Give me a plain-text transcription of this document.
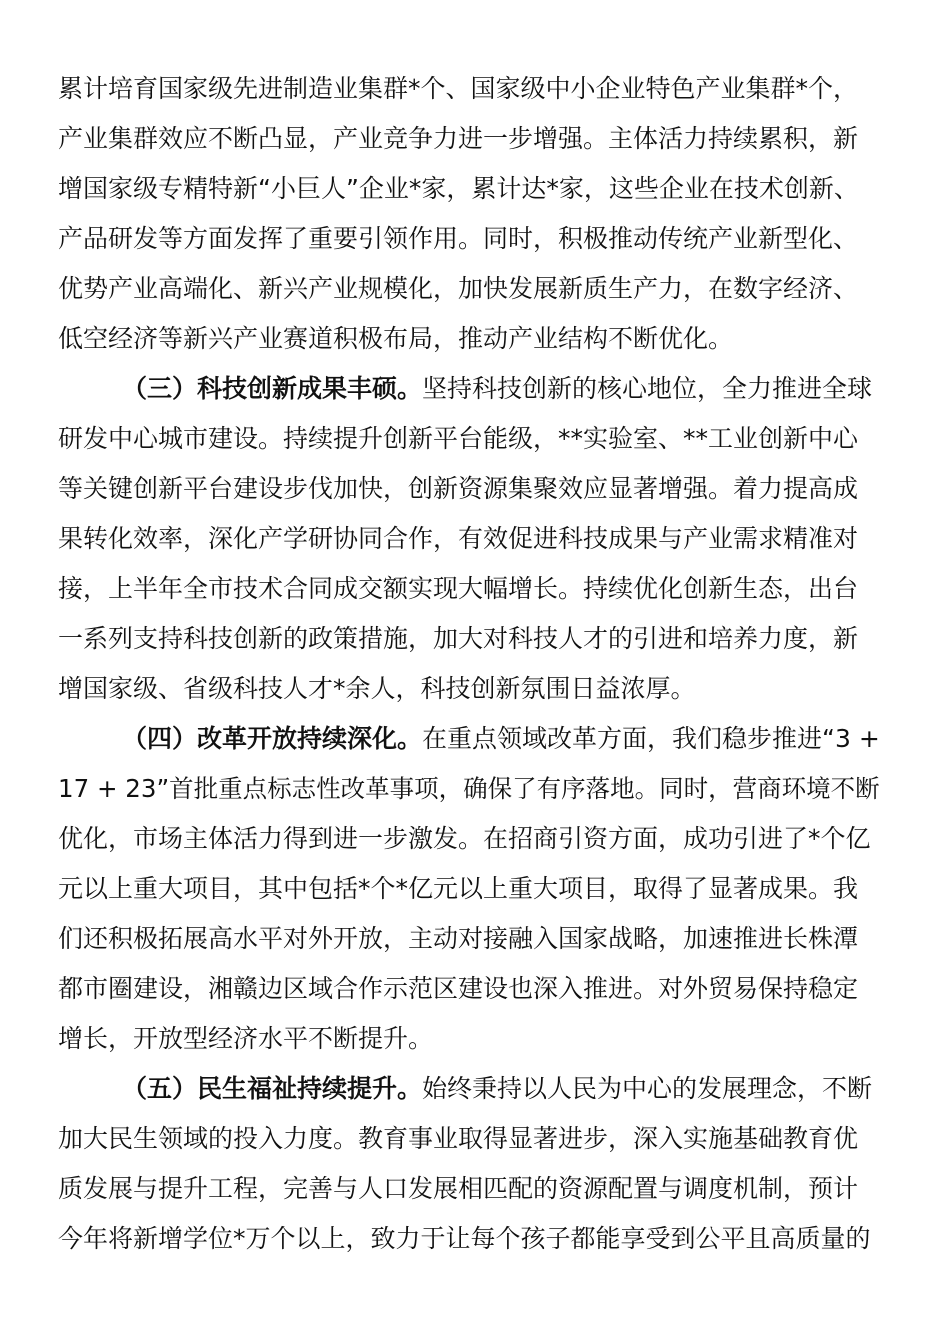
累计培育国家级先进制造业集群*个、国家级中小企业特色产业集群*个，

产业集群效应不断凸显，产业竞争力进一步增强。主体活力持续累积，新

增国家级专精特新“小巨人”企业*家，累计达*家，这些企业在技术创新、

产品研发等方面发挥了重要引领作用。同时，积极推动传统产业新型化、

优势产业高端化、新兴产业规模化，加快发展新质生产力，在数字经济、

低空经济等新兴产业赛道积极布局，推动产业结构不断优化。

（三）科技创新成果丰硕。坚持科技创新的核心地位，全力推进全球

研发中心城市建设。持续提升创新平台能级，**实验室、**工业创新中心

等关键创新平台建设步伐加快，创新资源集聚效应显著增强。着力提高成

果转化效率，深化产学研协同合作，有效促进科技成果与产业需求精准对

接，上半年全市技术合同成交额实现大幅增长。持续优化创新生态，出台

一系列支持科技创新的政策措施，加大对科技人才的引进和培养力度，新

增国家级、省级科技人才*余人，科技创新氛围日益浓厚。

（四）改革开放持续深化。在重点领域改革方面，我们稳步推进“3 +

17 + 23”首批重点标志性改革事项，确保了有序落地。同时，营商环境不断

优化，市场主体活力得到进一步激发。在招商引资方面，成功引进了*个亿

元以上重大项目，其中包括*个*亿元以上重大项目，取得了显著成果。我

们还积极拓展高水平对外开放，主动对接融入国家战略，加速推进长株潭

都市圈建设，湘赣边区域合作示范区建设也深入推进。对外贸易保持稳定

增长，开放型经济水平不断提升。

（五）民生福祉持续提升。始终秉持以人民为中心的发展理念，不断

加大民生领域的投入力度。教育事业取得显著进步，深入实施基础教育优

质发展与提升工程，完善与人口发展相匹配的资源配置与调度机制，预计

今年将新增学位*万个以上，致力于让每个孩子都能享受到公平且高质量的
